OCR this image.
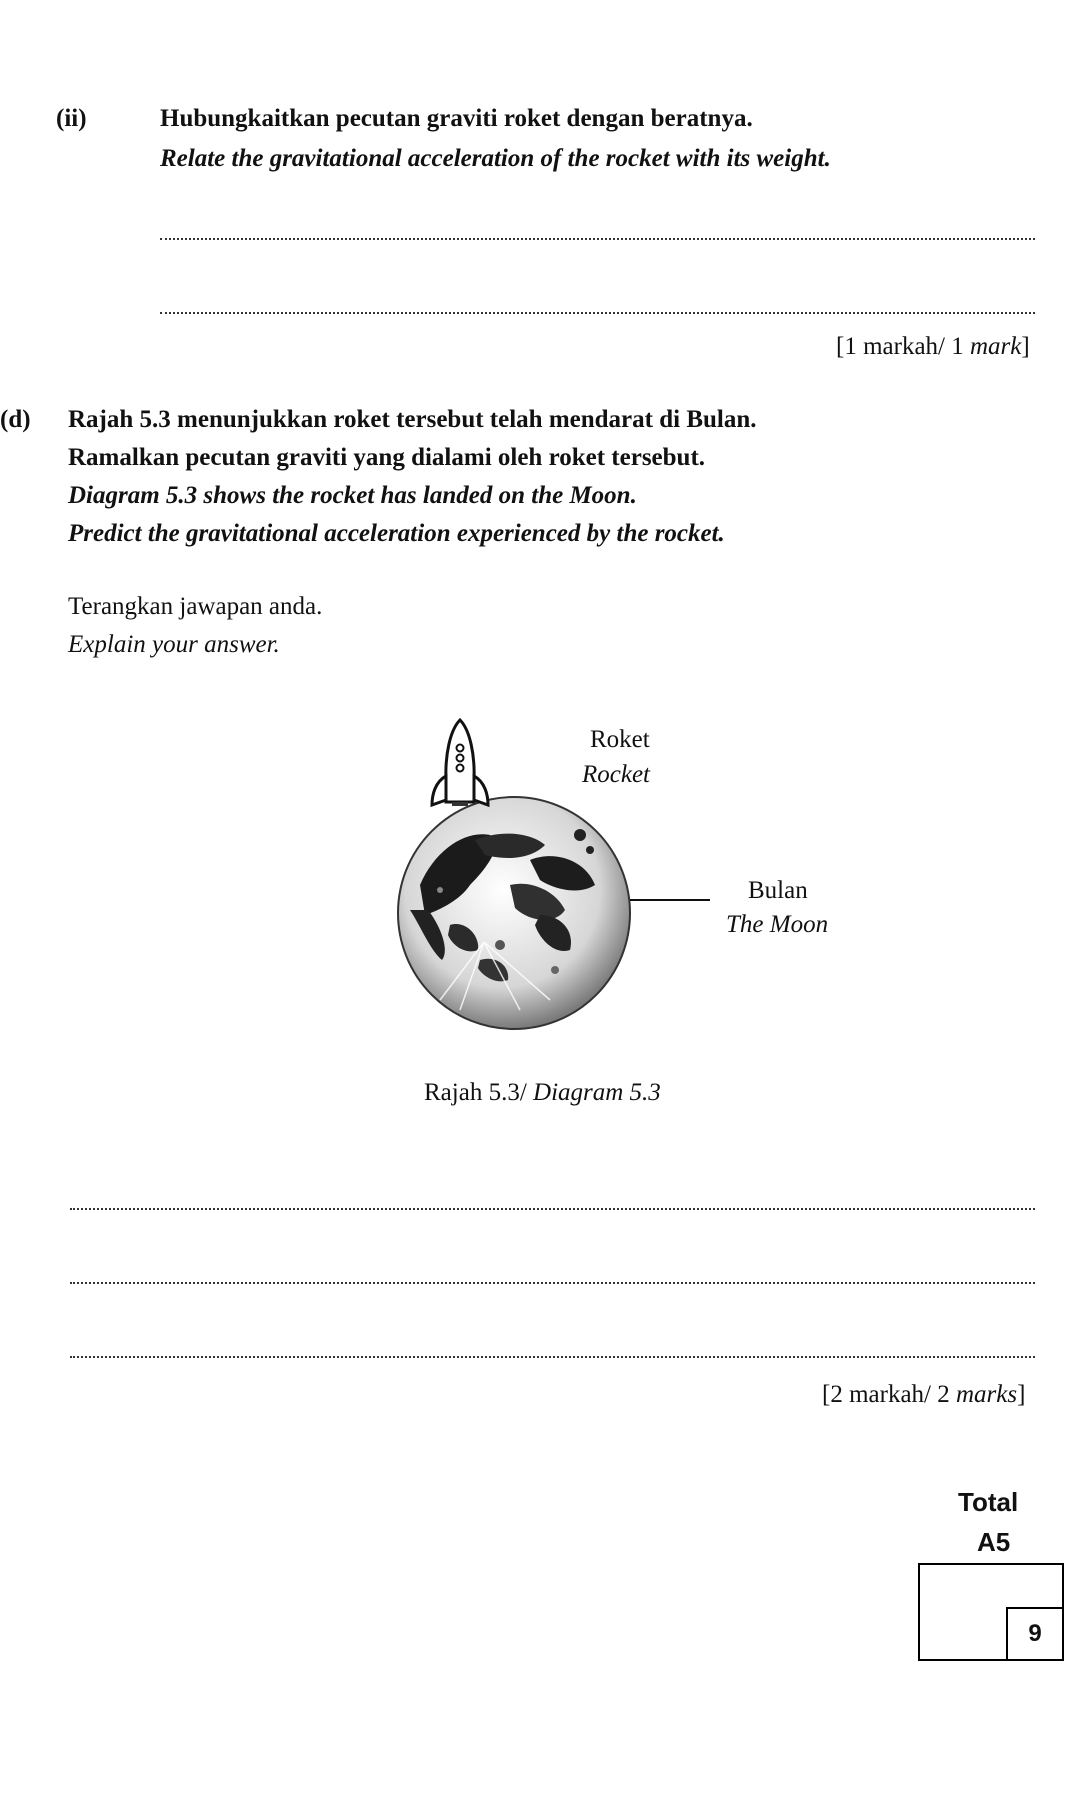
(ii)	Hubungkaitkan pecutan graviti roket dengan beratnya.
Relate the gravitational acceleration of the rocket with its weight.
[1 markah/ 1 mark]
(d) Rajah 5.3 menunjukkan roket tersebut telah mendarat di Bulan.
Ramalkan pecutan graviti yang dialami oleh roket tersebut.
Diagram 5.3 shows the rocket has landed on the Moon.
Predict the gravitational acceleration experienced by the rocket.
Terangkan jawapan anda.
Explain your answer.
Roket
Rocket
Bulan
The Moon
Rajah 5.3/ Diagram 5.3
[2 markah/ 2 marks]
Total
A5
9
